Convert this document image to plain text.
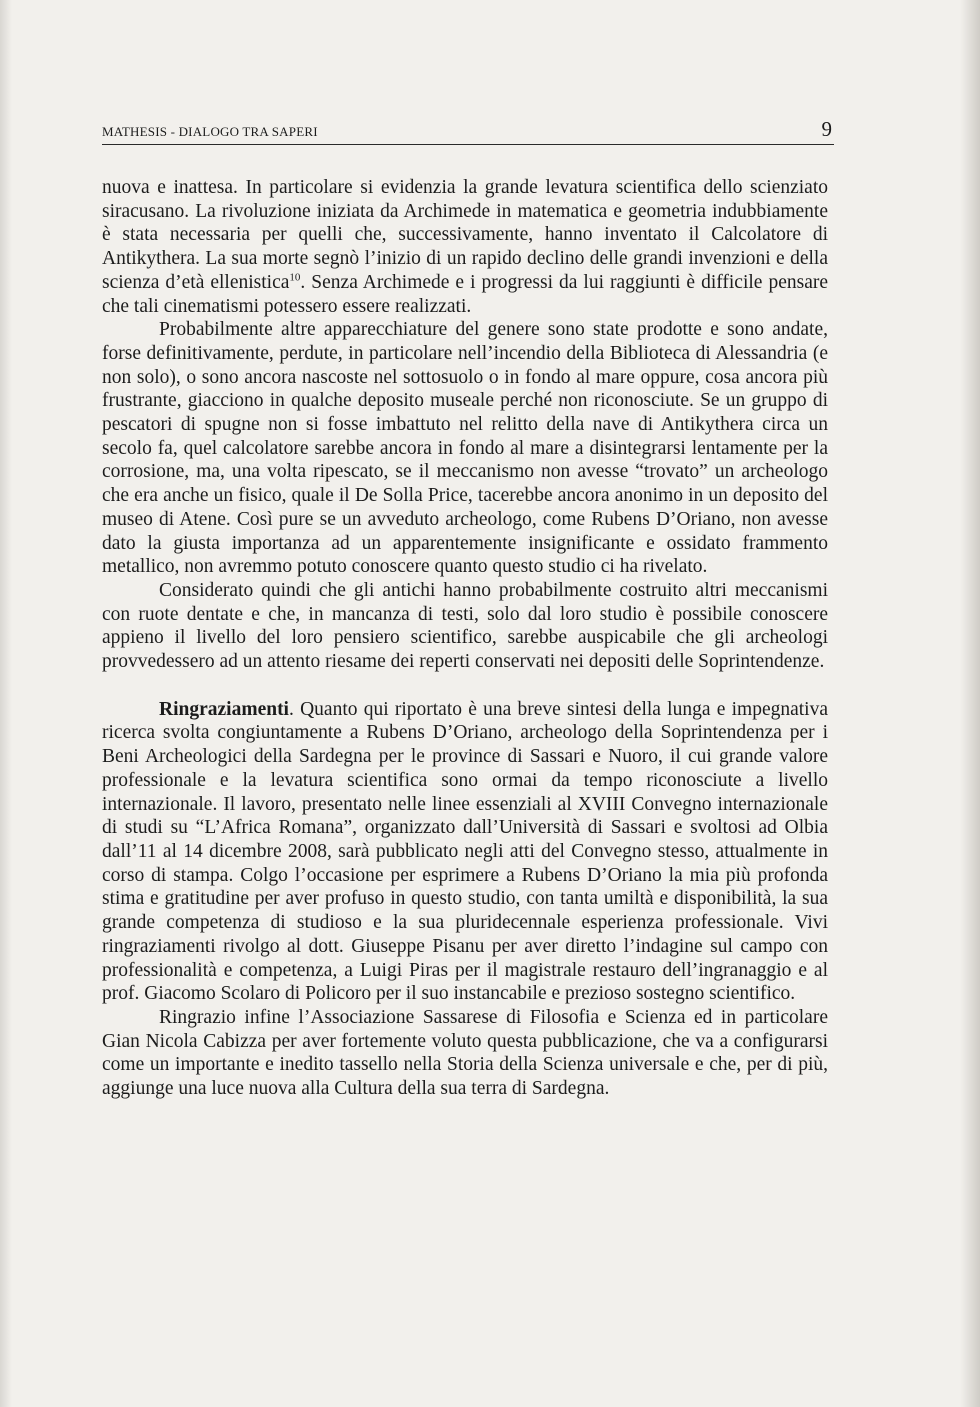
MATHESIS - DIALOGO TRA SAPERI	9

nuova e inattesa. In particolare si evidenzia la grande levatura scientifica dello scienziato siracusano. La rivoluzione iniziata da Archimede in matematica e geometria indubbiamente è stata necessaria per quelli che, successivamente, hanno inventato il Calcolatore di Antikythera. La sua morte segnò l’inizio di un rapido declino delle grandi invenzioni e della scienza d’età ellenistica$^{10}$. Senza Archimede e i progressi da lui raggiunti è difficile pensare che tali cinematismi potessero essere realizzati.

Probabilmente altre apparecchiature del genere sono state prodotte e sono andate, forse definitivamente, perdute, in particolare nell’incendio della Biblioteca di Alessandria (e non solo), o sono ancora nascoste nel sottosuolo o in fondo al mare oppure, cosa ancora più frustrante, giacciono in qualche deposito museale perché non riconosciute. Se un gruppo di pescatori di spugne non si fosse imbattuto nel relitto della nave di Antikythera circa un secolo fa, quel calcolatore sarebbe ancora in fondo al mare a disintegrarsi lentamente per la corrosione, ma, una volta ripescato, se il meccanismo non avesse “trovato” un archeologo che era anche un fisico, quale il De Solla Price, tacerebbe ancora anonimo in un deposito del museo di Atene. Così pure se un avveduto archeologo, come Rubens D’Oriano, non avesse dato la giusta importanza ad un apparentemente insignificante e ossidato frammento metallico, non avremmo potuto conoscere quanto questo studio ci ha rivelato.

Considerato quindi che gli antichi hanno probabilmente costruito altri meccanismi con ruote dentate e che, in mancanza di testi, solo dal loro studio è possibile conoscere appieno il livello del loro pensiero scientifico, sarebbe auspicabile che gli archeologi provvedessero ad un attento riesame dei reperti conservati nei depositi delle Soprintendenze.

Ringraziamenti. Quanto qui riportato è una breve sintesi della lunga e impegnativa ricerca svolta congiuntamente a Rubens D’Oriano, archeologo della Soprintendenza per i Beni Archeologici della Sardegna per le province di Sassari e Nuoro, il cui grande valore professionale e la levatura scientifica sono ormai da tempo riconosciute a livello internazionale. Il lavoro, presentato nelle linee essenziali al XVIII Convegno internazionale di studi su “L’Africa Romana”, organizzato dall’Università di Sassari e svoltosi ad Olbia dall’11 al 14 dicembre 2008, sarà pubblicato negli atti del Convegno stesso, attualmente in corso di stampa. Colgo l’occasione per esprimere a Rubens D’Oriano la mia più profonda stima e gratitudine per aver profuso in questo studio, con tanta umiltà e disponibilità, la sua grande competenza di studioso e la sua pluridecennale esperienza professionale. Vivi ringraziamenti rivolgo al dott. Giuseppe Pisanu per aver diretto l’indagine sul campo con professionalità e competenza, a Luigi Piras per il magistrale restauro dell’ingranaggio e al prof. Giacomo Scolaro di Policoro per il suo instancabile e prezioso sostegno scientifico.

Ringrazio infine l’Associazione Sassarese di Filosofia e Scienza ed in particolare Gian Nicola Cabizza per aver fortemente voluto questa pubblicazione, che va a configurarsi come un importante e inedito tassello nella Storia della Scienza universale e che, per di più, aggiunge una luce nuova alla Cultura della sua terra di Sardegna.
